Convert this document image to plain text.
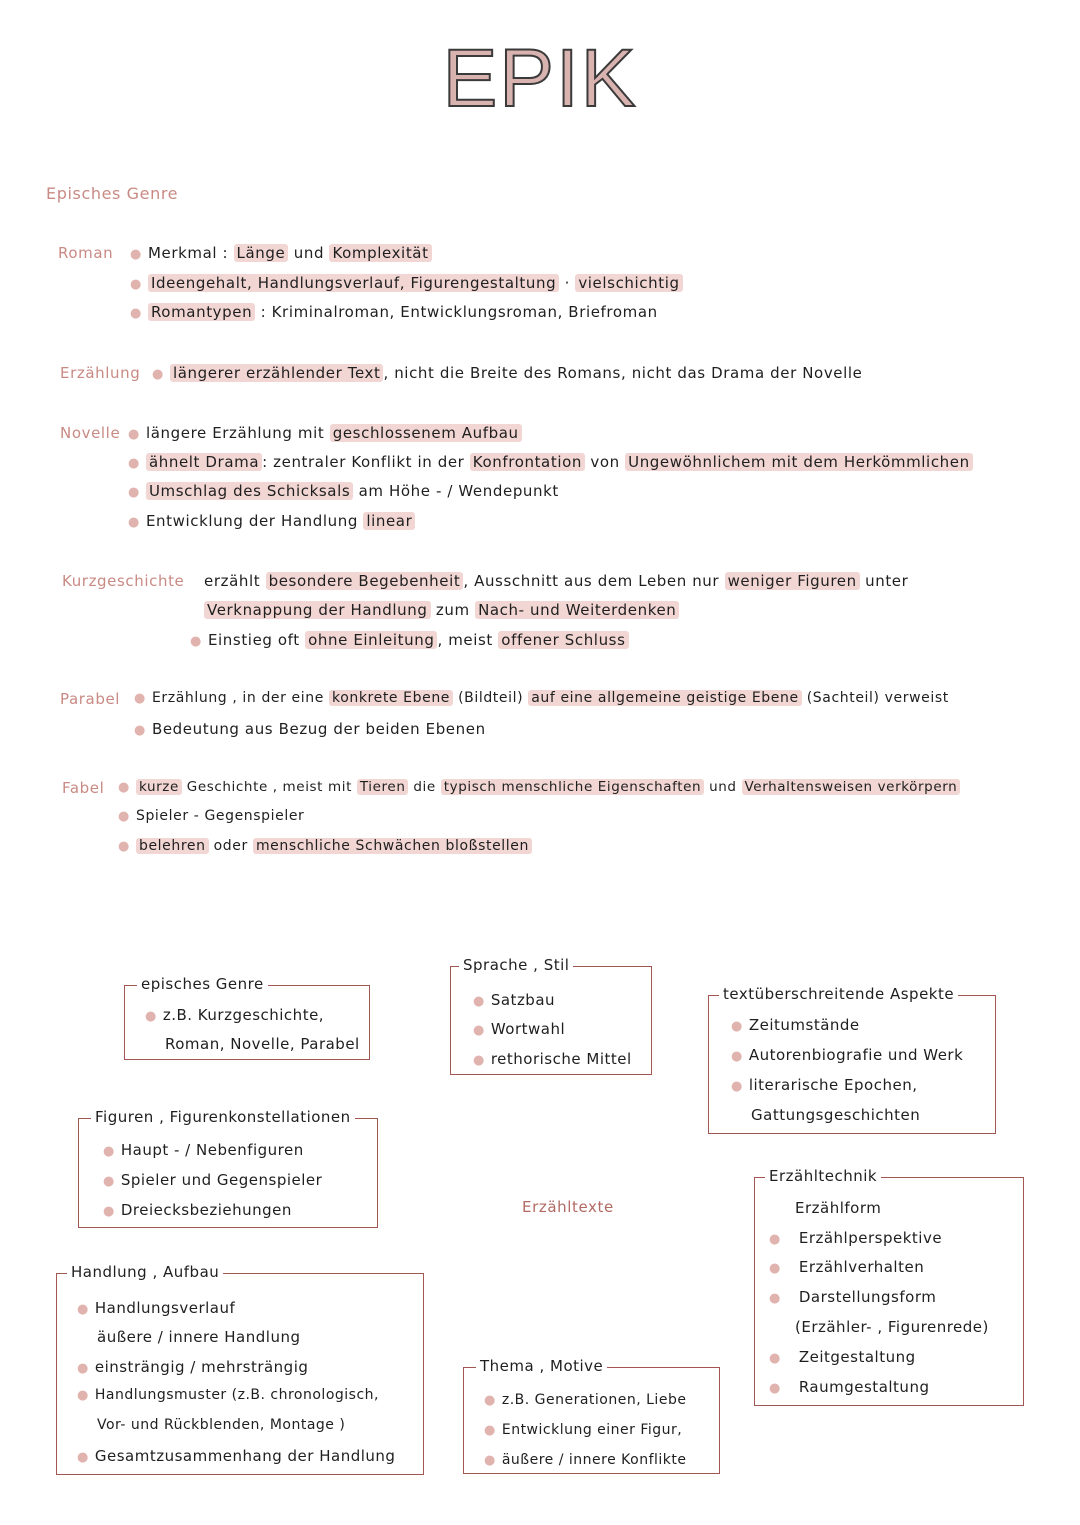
EPIK
Episches Genre
Roman ● Merkmal : Länge und Komplexität
● Ideengehalt, Handlungsverlauf, Figurengestaltung · vielschichtig
● Romantypen : Kriminalroman, Entwicklungsroman, Briefroman
Erzählung ● längerer erzählender Text , nicht die Breite des Romans, nicht das Drama der Novelle
Novelle ● längere Erzählung mit geschlossenem Aufbau
● ähnelt Drama : zentraler Konflikt in der Konfrontation von Ungewöhnlichem mit dem Herkömmlichen
● Umschlag des Schicksals am Höhe - / Wendepunkt
● Entwicklung der Handlung linear
Kurzgeschichte erzählt besondere Begebenheit , Ausschnitt aus dem Leben nur weniger Figuren unter
Verknappung der Handlung zum Nach- und Weiterdenken
● Einstieg oft ohne Einleitung , meist offener Schluss
Parabel ● Erzählung , in der eine konkrete Ebene (Bildteil) auf eine allgemeine geistige Ebene (Sachteil) verweist
● Bedeutung aus Bezug der beiden Ebenen
Fabel ● kurze Geschichte , meist mit Tieren die typisch menschliche Eigenschaften und Verhaltensweisen verkörpern
● Spieler - Gegenspieler
● belehren oder menschliche Schwächen bloßstellen
Erzähltexte
episches Genre
● z.B. Kurzgeschichte,
Roman, Novelle, Parabel
Sprache , Stil
● Satzbau
● Wortwahl
● rethorische Mittel
textüberschreitende Aspekte
● Zeitumstände
● Autorenbiografie und Werk
● literarische Epochen,
Gattungsgeschichten
Figuren , Figurenkonstellationen
● Haupt - / Nebenfiguren
● Spieler und Gegenspieler
● Dreiecksbeziehungen
Erzähltechnik
Erzählform
● Erzählperspektive
● Erzählverhalten
● Darstellungsform
(Erzähler- , Figurenrede)
● Zeitgestaltung
● Raumgestaltung
Handlung , Aufbau
● Handlungsverlauf
äußere / innere Handlung
● einsträngig / mehrsträngig
● Handlungsmuster (z.B. chronologisch,
Vor- und Rückblenden, Montage )
● Gesamtzusammenhang der Handlung
Thema , Motive
● z.B. Generationen, Liebe
● Entwicklung einer Figur,
● äußere / innere Konflikte
